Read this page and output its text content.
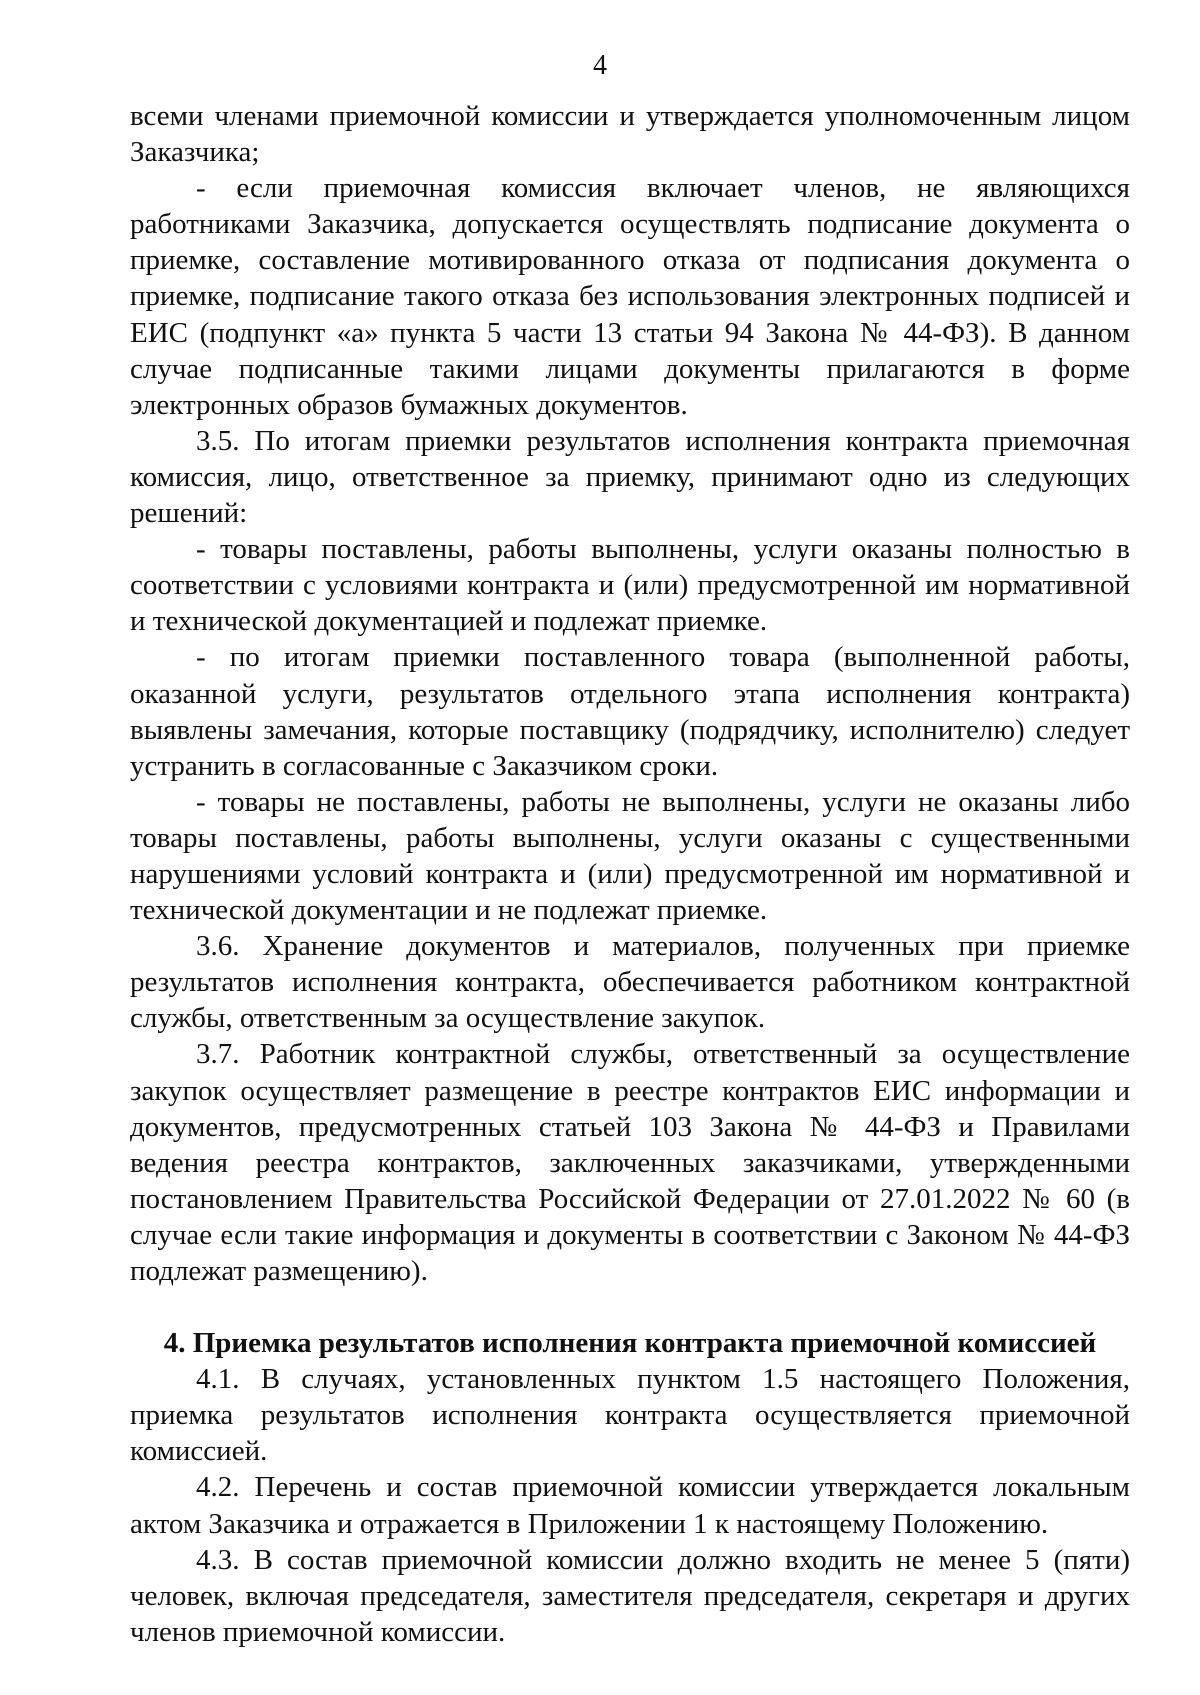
4

всеми членами приемочной комиссии и утверждается уполномоченным лицом Заказчика;

- если приемочная комиссия включает членов, не являющихся работниками Заказчика, допускается осуществлять подписание документа о приемке, составление мотивированного отказа от подписания документа о приемке, подписание такого отказа без использования электронных подписей и ЕИС (подпункт «а» пункта 5 части 13 статьи 94 Закона № 44-ФЗ). В данном случае подписанные такими лицами документы прилагаются в форме электронных образов бумажных документов.

3.5. По итогам приемки результатов исполнения контракта приемочная комиссия, лицо, ответственное за приемку, принимают одно из следующих решений:

- товары поставлены, работы выполнены, услуги оказаны полностью в соответствии с условиями контракта и (или) предусмотренной им нормативной и технической документацией и подлежат приемке.

- по итогам приемки поставленного товара (выполненной работы, оказанной услуги, результатов отдельного этапа исполнения контракта) выявлены замечания, которые поставщику (подрядчику, исполнителю) следует устранить в согласованные с Заказчиком сроки.

- товары не поставлены, работы не выполнены, услуги не оказаны либо товары поставлены, работы выполнены, услуги оказаны с существенными нарушениями условий контракта и (или) предусмотренной им нормативной и технической документации и не подлежат приемке.

3.6. Хранение документов и материалов, полученных при приемке результатов исполнения контракта, обеспечивается работником контрактной службы, ответственным за осуществление закупок.

3.7. Работник контрактной службы, ответственный за осуществление закупок осуществляет размещение в реестре контрактов ЕИС информации и документов, предусмотренных статьей 103 Закона № 44-ФЗ и Правилами ведения реестра контрактов, заключенных заказчиками, утвержденными постановлением Правительства Российской Федерации от 27.01.2022 № 60 (в случае если такие информация и документы в соответствии с Законом № 44-ФЗ подлежат размещению).

4. Приемка результатов исполнения контракта приемочной комиссией

4.1. В случаях, установленных пунктом 1.5 настоящего Положения, приемка результатов исполнения контракта осуществляется приемочной комиссией.

4.2. Перечень и состав приемочной комиссии утверждается локальным актом Заказчика и отражается в Приложении 1 к настоящему Положению.

4.3. В состав приемочной комиссии должно входить не менее 5 (пяти) человек, включая председателя, заместителя председателя, секретаря и других членов приемочной комиссии.
